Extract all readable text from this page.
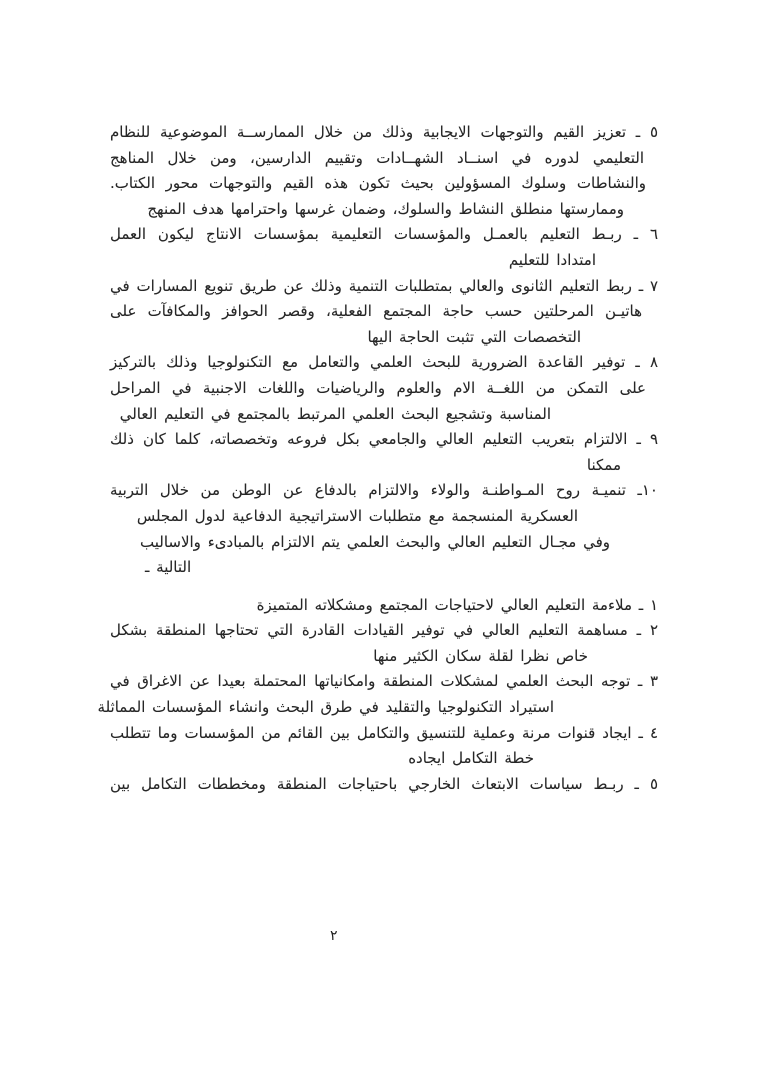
٥ ـ تعزيز القيم والتوجهات الايجابية وذلك من خلال الممارســة الموضوعية للنظام
التعليمي لدوره في اسنــاد الشهــادات وتقييم الدارسين، ومن خلال المناهج
والنشاطات وسلوك المسؤولين بحيث تكون هذه القيم والتوجهات محور الكتاب.
وممارستها منطلق النشاط والسلوك، وضمان غرسها واحترامها هدف المنهج
٦ ـ ربـط التعليم بالعمـل والمؤسسات التعليمية بمؤسسات الانتاج ليكون العمل
امتدادا للتعليم
٧ ـ ربط التعليم الثانوى والعالي بمتطلبات التنمية وذلك عن طريق تنويع المسارات في
هاتيـن المرحلتين حسب حاجة المجتمع الفعلية، وقصر الحوافز والمكافآت على
التخصصات التي تثبت الحاجة اليها
٨ ـ توفير القاعدة الضرورية للبحث العلمي والتعامل مع التكنولوجيا وذلك بالتركيز
على التمكن من اللغــة الام والعلوم والرياضيات واللغات الاجنبية في المراحل
المناسبة وتشجيع البحث العلمي المرتبط بالمجتمع في التعليم العالي
٩ ـ الالتزام بتعريب التعليم العالي والجامعي بكل فروعه وتخصصاته، كلما كان ذلك
ممكنا
١٠ـ تنميـة روح المـواطنـة والولاء والالتزام بالدفاع عن الوطن من خلال التربية
العسكرية المنسجمة مع متطلبات الاستراتيجية الدفاعية لدول المجلس
وفي مجـال التعليم العالي والبحث العلمي يتم الالتزام بالمبادىء والاساليب
التالية ـ
١ ـ ملاءمة التعليم العالي لاحتياجات المجتمع ومشكلاته المتميزة
٢ ـ مساهمة التعليم العالي في توفير القيادات القادرة التي تحتاجها المنطقة بشكل
خاص نظرا لقلة سكان الكثير منها
٣ ـ توجه البحث العلمي لمشكلات المنطقة وامكانياتها المحتملة بعيدا عن الاغراق في
استيراد التكنولوجيا والتقليد في طرق البحث وانشاء المؤسسات المماثلة
٤ ـ ايجاد قنوات مرنة وعملية للتنسيق والتكامل بين القائم من المؤسسات وما تتطلب
خطة التكامل ايجاده
٥ ـ ربـط سياسات الابتعاث الخارجي باحتياجات المنطقة ومخططات التكامل بين
٢
